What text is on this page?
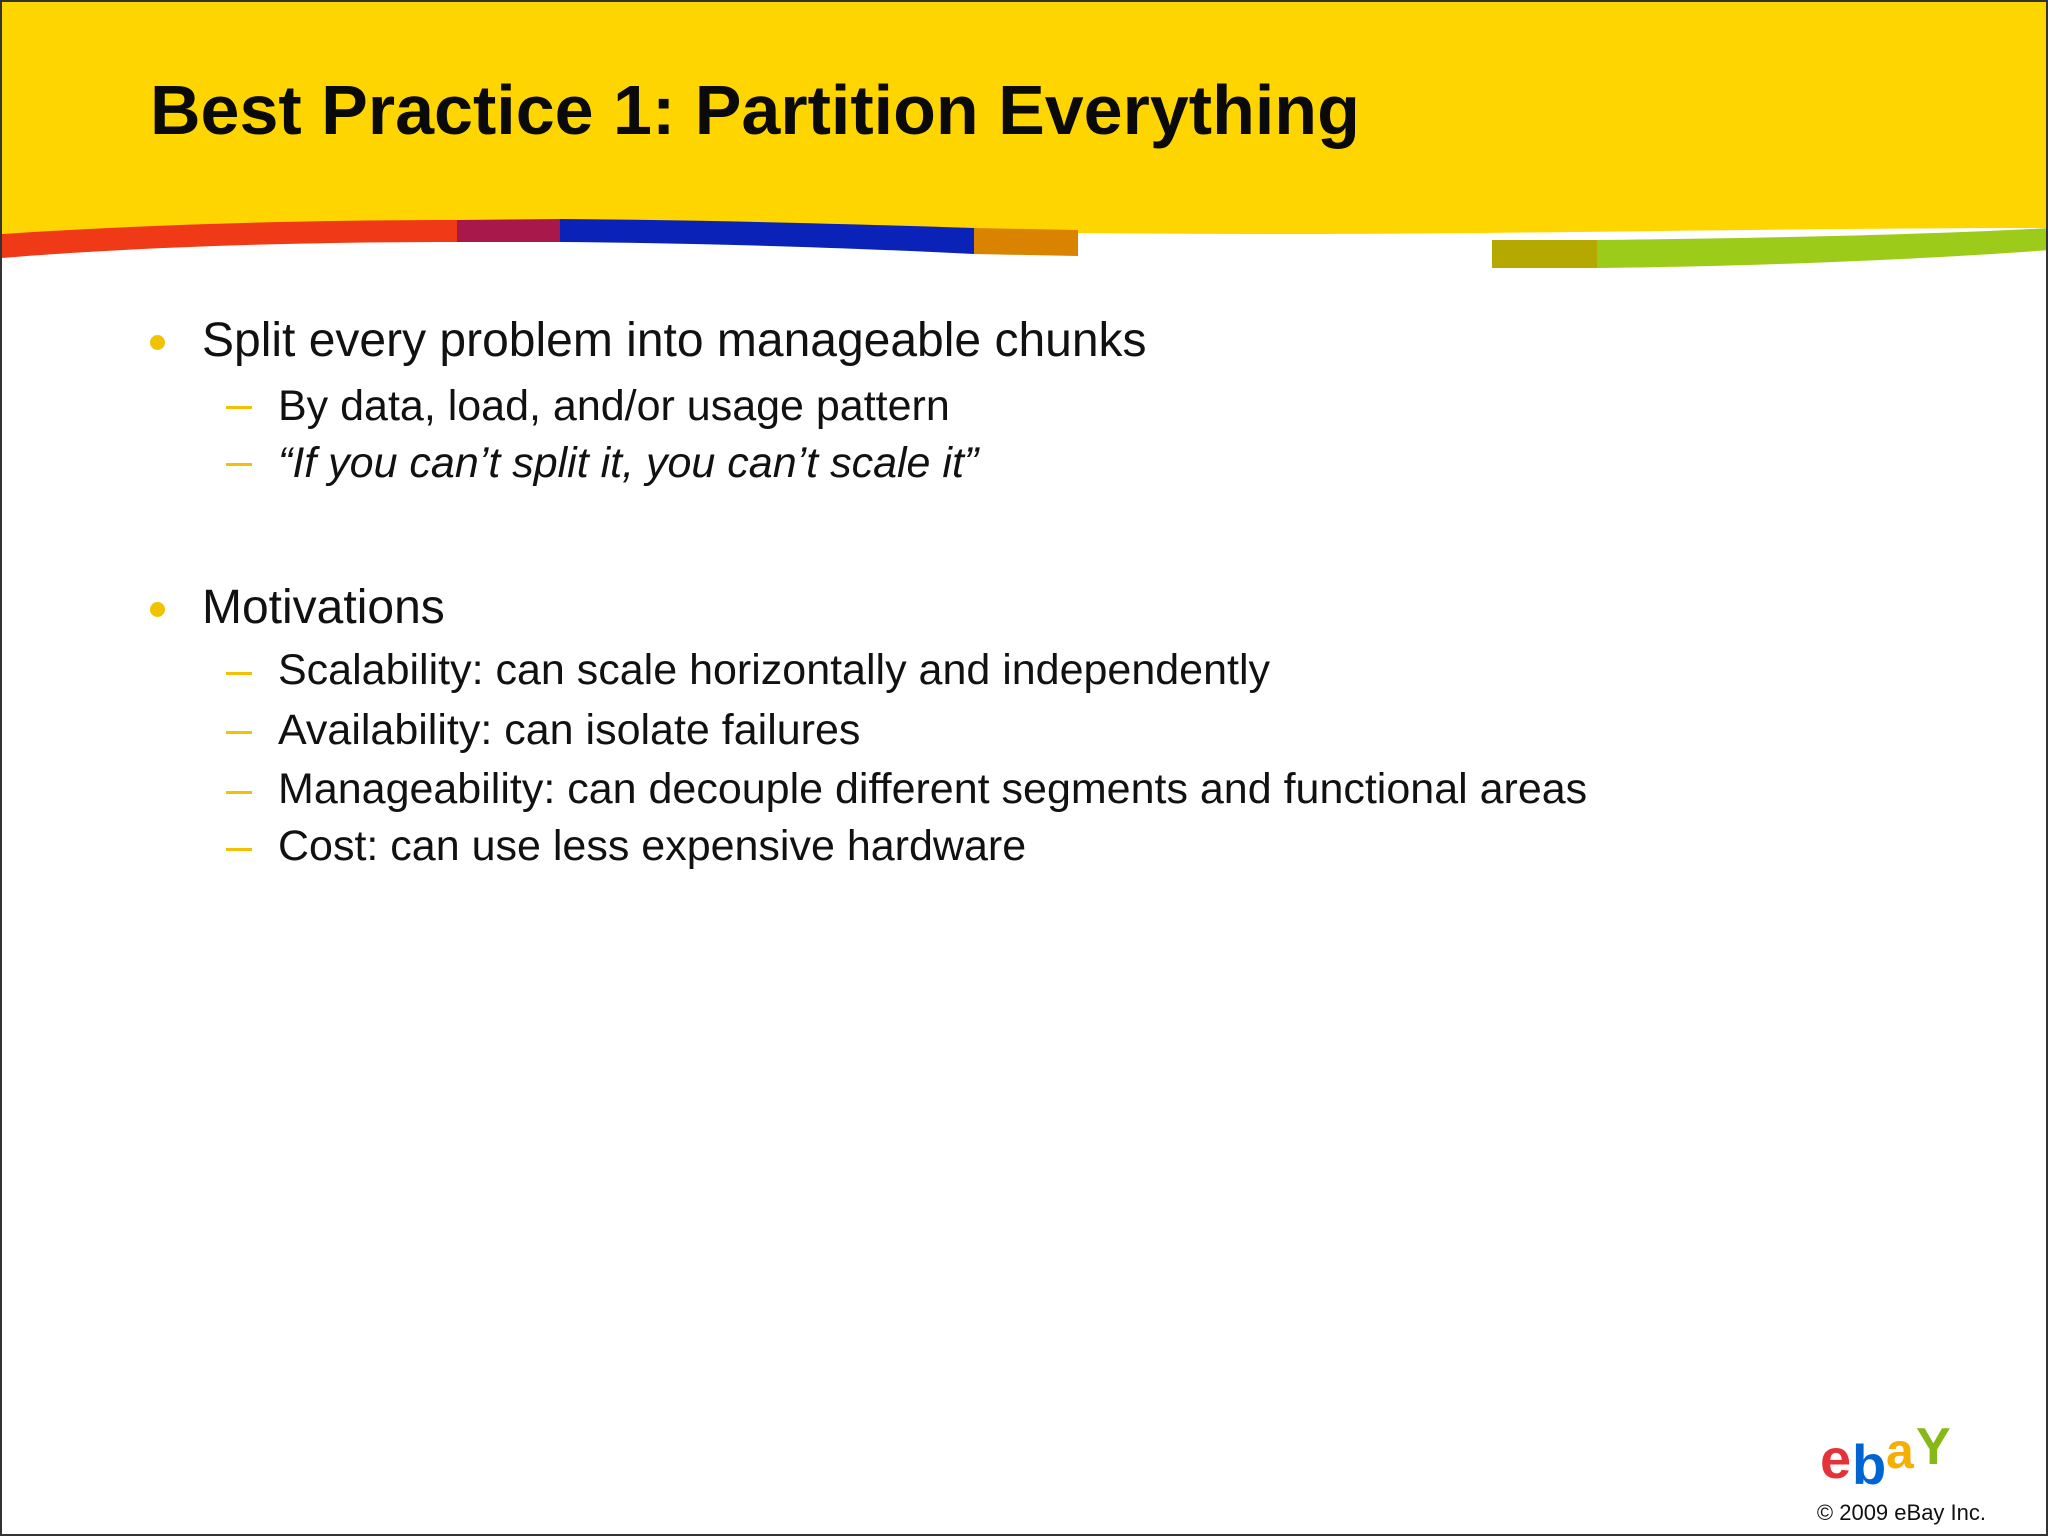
Best Practice 1: Partition Everything
Split every problem into manageable chunks
By data, load, and/or usage pattern
“If you can’t split it, you can’t scale it”
Motivations
Scalability: can scale horizontally and independently
Availability: can isolate failures
Manageability: can decouple different segments and functional areas
Cost: can use less expensive hardware
e b a Y
© 2009 eBay Inc.
